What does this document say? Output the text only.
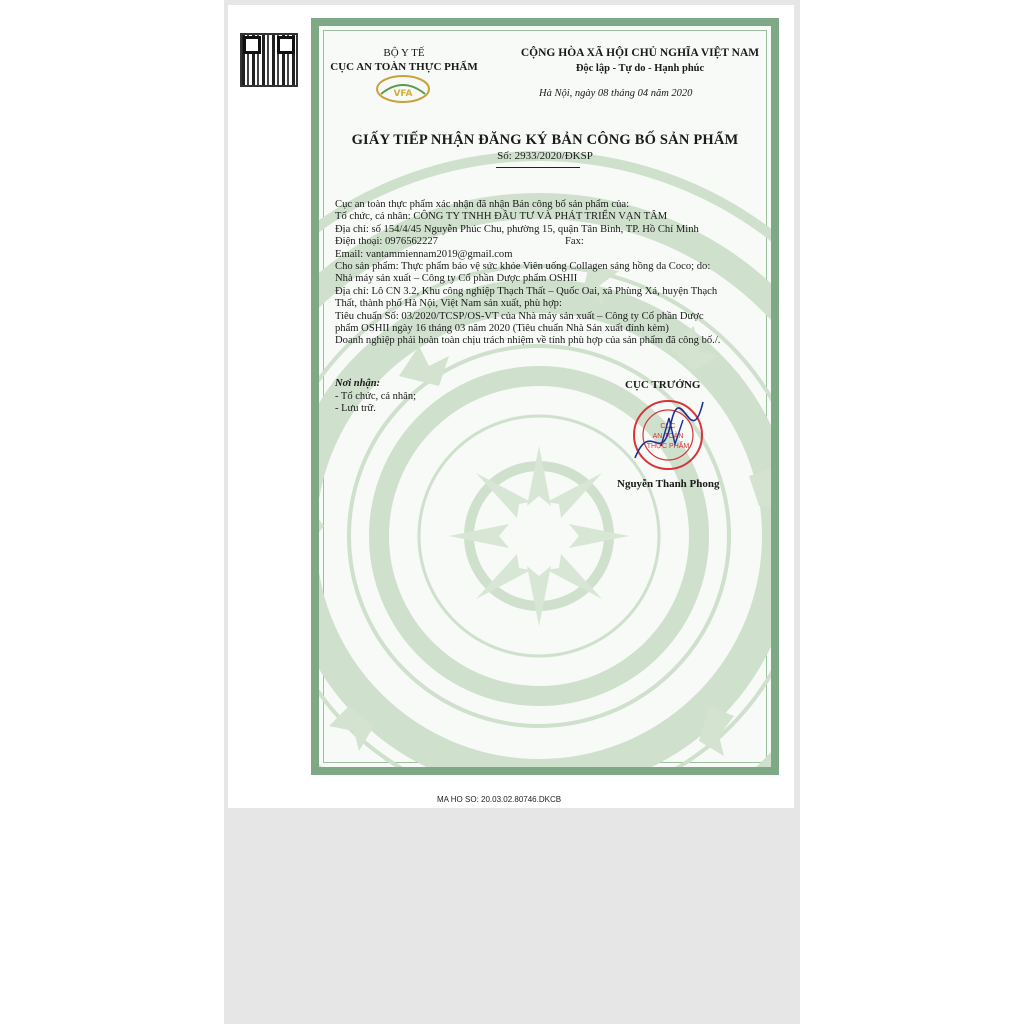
BỘ Y TẾ
CỤC AN TOÀN THỰC PHẨM
VFA
CỘNG HÒA XÃ HỘI CHỦ NGHĨA VIỆT NAM
Độc lập - Tự do - Hạnh phúc
Hà Nội, ngày 08 tháng 04 năm 2020
GIẤY TIẾP NHẬN ĐĂNG KÝ BẢN CÔNG BỐ SẢN PHẨM
Số: 2933/2020/ĐKSP
Cục an toàn thực phẩm xác nhận đã nhận Bản công bố sản phẩm của:
Tổ chức, cá nhân: CÔNG TY TNHH ĐẦU TƯ VÀ PHÁT TRIỂN VẠN TÂM
Địa chỉ: số 154/4/45 Nguyễn Phúc Chu, phường 15, quận Tân Bình, TP. Hồ Chí Minh
Điện thoại: 0976562227	Fax:
Email: vantammiennam2019@gmail.com
Cho sản phẩm: Thực phẩm bảo vệ sức khỏe Viên uống Collagen sáng hồng da Coco; do:
Nhà máy sản xuất – Công ty Cổ phần Dược phẩm OSHII
Địa chỉ: Lô CN 3.2, Khu công nghiệp Thạch Thất – Quốc Oai, xã Phùng Xá, huyện Thạch
Thất, thành phố Hà Nội, Việt Nam sản xuất, phù hợp:
Tiêu chuẩn Số: 03/2020/TCSP/OS-VT của Nhà máy sản xuất – Công ty Cổ phần Dược
phẩm OSHII ngày 16 tháng 03 năm 2020 (Tiêu chuẩn Nhà Sản xuất đính kèm)
Doanh nghiệp phải hoàn toàn chịu trách nhiệm về tính phù hợp của sản phẩm đã công bố./.
Nơi nhận:
- Tổ chức, cá nhân;
- Lưu trữ.
CỤC TRƯỞNG
CỤC
AN TOÀN
THỰC PHẨM
Nguyễn Thanh Phong
MA HO SO: 20.03.02.80746.DKCB
